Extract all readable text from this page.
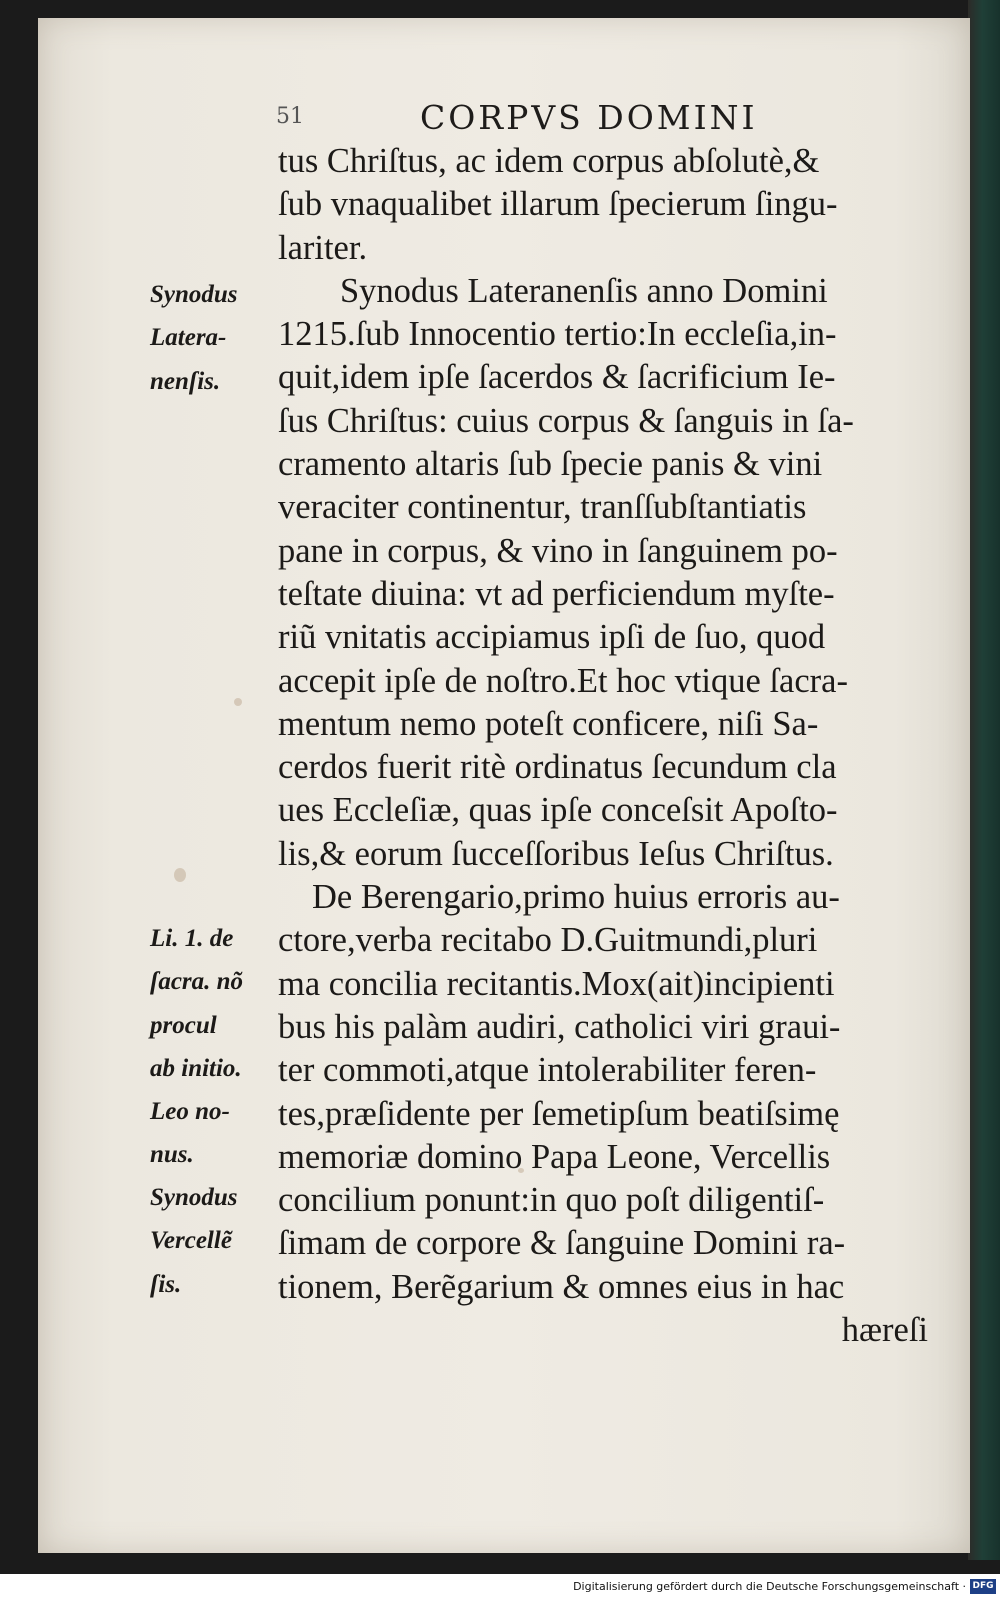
51	CORPVS DOMINI
tus Chriſtus, ac idem corpus abſolutè,&
ſub vnaqualibet illarum ſpecierum ſingu-
lariter.
Synodus Lateranenſis anno Domini
1215.ſub Innocentio tertio:In eccleſia,in-
quit,idem ipſe ſacerdos & ſacrificium Ie-
ſus Chriſtus: cuius corpus & ſanguis in ſa-
cramento altaris ſub ſpecie panis & vini
veraciter continentur, tranſſubſtantiatis
pane in corpus, & vino in ſanguinem po-
teſtate diuina: vt ad perficiendum myſte-
riũ vnitatis accipiamus ipſi de ſuo, quod
accepit ipſe de noſtro.Et hoc vtique ſacra-
mentum nemo poteſt conficere, niſi Sa-
cerdos fuerit ritè ordinatus ſecundum cla
ues Eccleſiæ, quas ipſe conceſsit Apoſto-
lis,& eorum ſucceſſoribus Ieſus Chriſtus.
De Berengario,primo huius erroris au-
ctore,verba recitabo D.Guitmundi,pluri
ma concilia recitantis.Mox(ait)incipienti
bus his palàm audiri, catholici viri graui-
ter commoti,atque intolerabiliter feren-
tes,præſidente per ſemetipſum beatiſsimę
memoriæ domino Papa Leone, Vercellis
concilium ponunt:in quo poſt diligentiſ-
ſimam de corpore & ſanguine Domini ra-
tionem, Berẽgarium & omnes eius in hac
hæreſi
Synodus
Latera-
nenſis.
Li. 1. de
ſacra. nõ
procul
ab initio.
Leo no-
nus.
Synodus
Vercellẽ
ſis.
Digitalisierung gefördert durch die Deutsche Forschungsgemeinschaft · DFG
